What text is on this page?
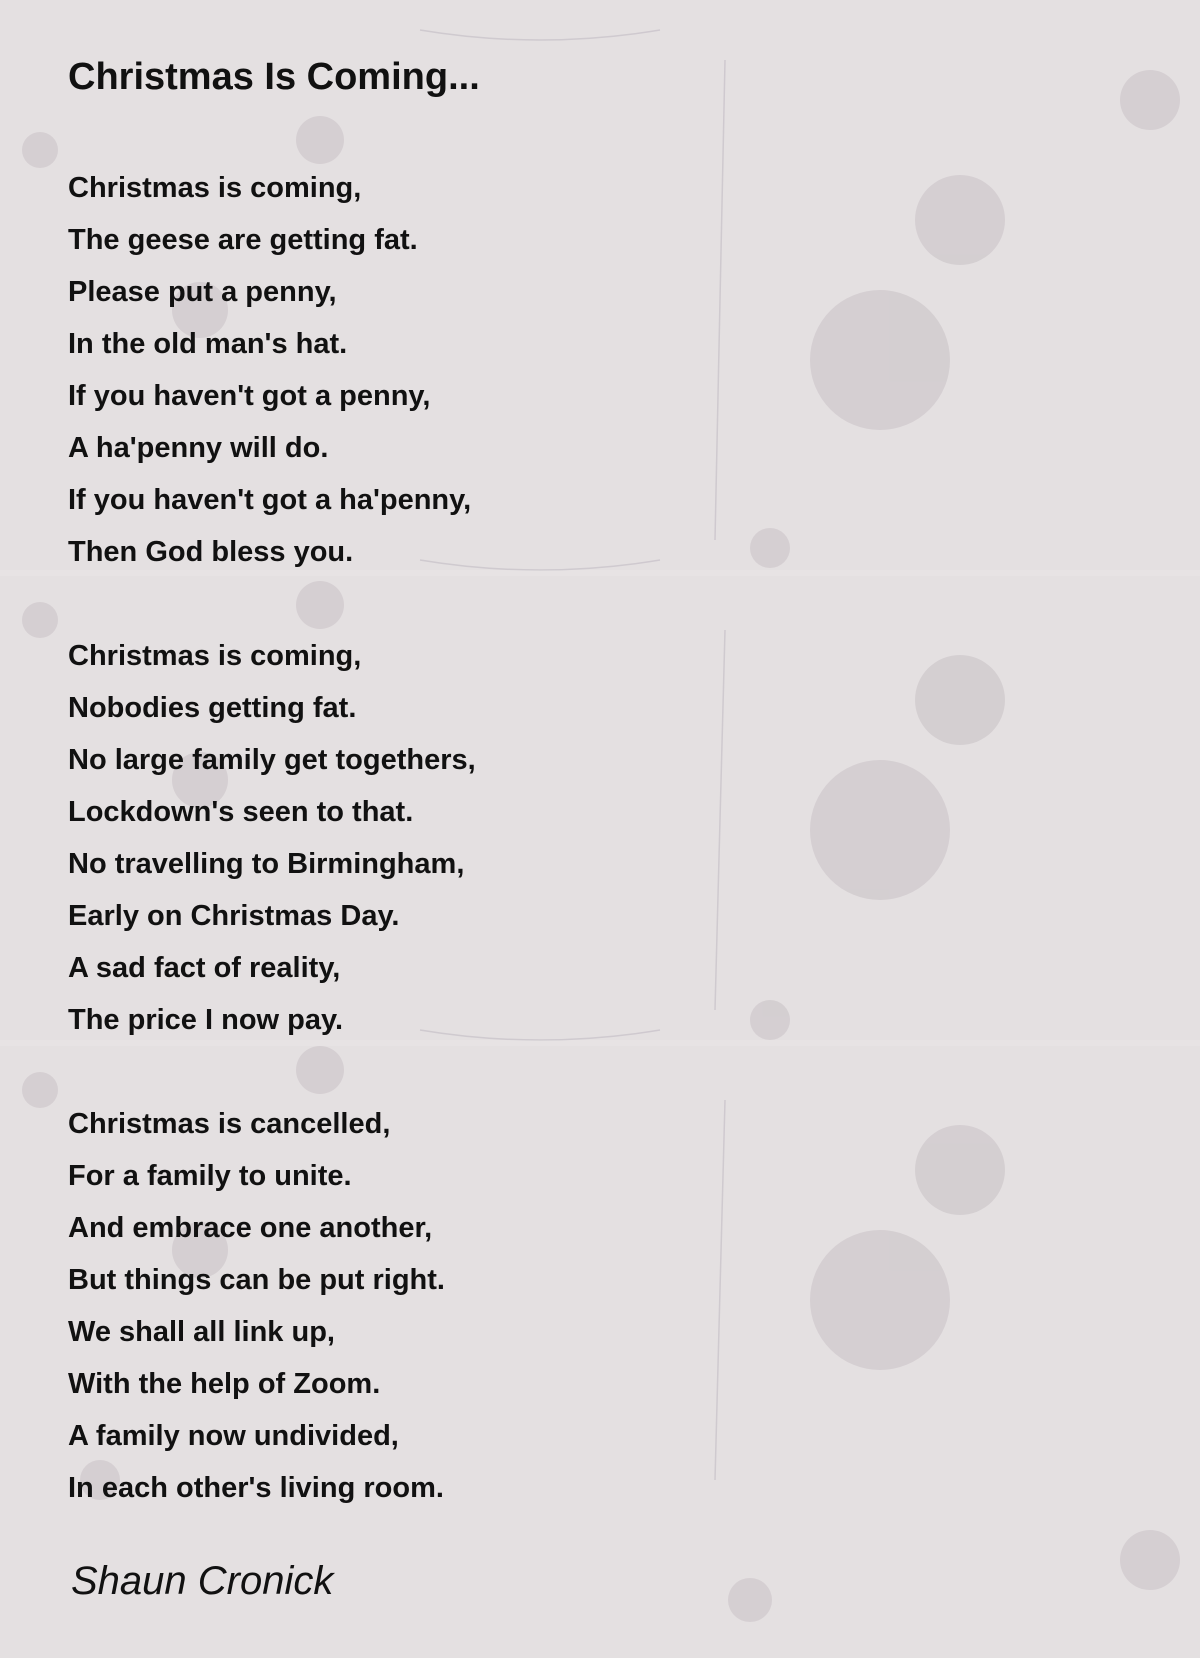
Christmas Is Coming...
Christmas is coming,
The geese are getting fat.
Please put a penny,
In the old man's hat.
If you haven't got a penny,
A ha'penny will do.
If you haven't got a ha'penny,
Then God bless you.
Christmas is coming,
Nobodies getting fat.
No large family get togethers,
Lockdown's seen to that.
No travelling to Birmingham,
Early on Christmas Day.
A sad fact of reality,
The price I now pay.
Christmas is cancelled,
For a family to unite.
And embrace one another,
But things can be put right.
We shall all link up,
With the help of Zoom.
A family now undivided,
In each other's living room.
Shaun Cronick
